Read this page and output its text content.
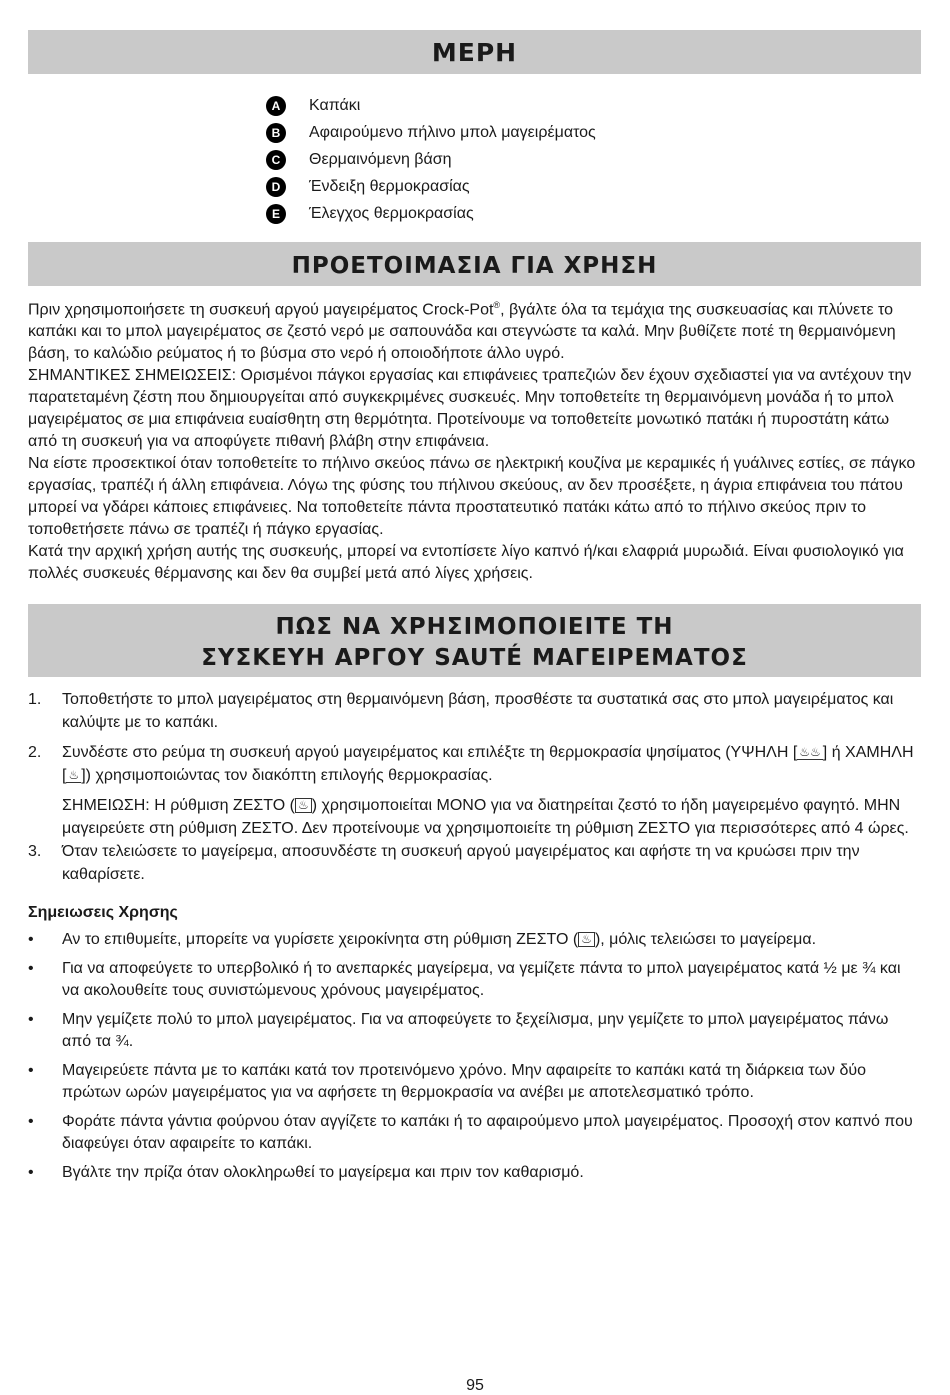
ΜΕΡΗ
A	Καπάκι
B	Αφαιρούμενο πήλινο μπολ μαγειρέματος
C	Θερμαινόμενη βάση
D	Ένδειξη θερμοκρασίας
E	Έλεγχος θερμοκρασίας
ΠΡΟΕΤΟΙΜΑΣΙΑ ΓΙΑ ΧΡΗΣΗ

Πριν χρησιμοποιήσετε τη συσκευή αργού μαγειρέματος Crock-Pot®, βγάλτε όλα τα τεμάχια της συσκευασίας και πλύνετε το καπάκι και το μπολ μαγειρέματος σε ζεστό νερό με σαπουνάδα και στεγνώστε τα καλά. Μην βυθίζετε ποτέ τη θερμαινόμενη βάση, το καλώδιο ρεύματος ή το βύσμα στο νερό ή οποιοδήποτε άλλο υγρό.

ΣΗΜΑΝΤΙΚΕΣ ΣΗΜΕΙΩΣΕΙΣ: Ορισμένοι πάγκοι εργασίας και επιφάνειες τραπεζιών δεν έχουν σχεδιαστεί για να αντέχουν την παρατεταμένη ζέστη που δημιουργείται από συγκεκριμένες συσκευές. Μην τοποθετείτε τη θερμαινόμενη μονάδα ή το μπολ μαγειρέματος σε μια επιφάνεια ευαίσθητη στη θερμότητα. Προτείνουμε να τοποθετείτε μονωτικό πατάκι ή πυροστάτη κάτω από τη συσκευή για να αποφύγετε πιθανή βλάβη στην επιφάνεια.

Να είστε προσεκτικοί όταν τοποθετείτε το πήλινο σκεύος πάνω σε ηλεκτρική κουζίνα με κεραμικές ή γυάλινες εστίες, σε πάγκο εργασίας, τραπέζι ή άλλη επιφάνεια. Λόγω της φύσης του πήλινου σκεύους, αν δεν προσέξετε, η άγρια επιφάνεια του πάτου μπορεί να γδάρει κάποιες επιφάνειες. Να τοποθετείτε πάντα προστατευτικό πατάκι κάτω από το πήλινο σκεύος πριν το τοποθετήσετε πάνω σε τραπέζι ή πάγκο εργασίας.

Κατά την αρχική χρήση αυτής της συσκευής, μπορεί να εντοπίσετε λίγο καπνό ή/και ελαφριά μυρωδιά. Είναι φυσιολογικό για πολλές συσκευές θέρμανσης και δεν θα συμβεί μετά από λίγες χρήσεις.

ΠΩΣ ΝΑ ΧΡΗΣΙΜΟΠΟΙΕΙΤΕ ΤΗ
ΣΥΣΚΕΥΗ ΑΡΓΟΥ SAUTÉ ΜΑΓΕΙΡΕΜΑΤΟΣ
1.	Τοποθετήστε το μπολ μαγειρέματος στη θερμαινόμενη βάση, προσθέστε τα συστατικά σας στο μπολ μαγειρέματος και καλύψτε με το καπάκι.
2.	Συνδέστε στο ρεύμα τη συσκευή αργού μαγειρέματος και επιλέξτε τη θερμοκρασία ψησίματος (ΥΨΗΛΗ [ ♨♨ ] ή ΧΑΜΗΛΗ [ ♨ ]) χρησιμοποιώντας τον διακόπτη επιλογής θερμοκρασίας.
ΣΗΜΕΙΩΣΗ: Η ρύθμιση ΖΕΣΤΟ ( ♨ ) χρησιμοποιείται ΜΟΝΟ για να διατηρείται ζεστό το ήδη μαγειρεμένο φαγητό. ΜΗΝ μαγειρεύετε στη ρύθμιση ΖΕΣΤΟ. Δεν προτείνουμε να χρησιμοποιείτε τη ρύθμιση ΖΕΣΤΟ για περισσότερες από 4 ώρες.
3.	Όταν τελειώσετε το μαγείρεμα, αποσυνδέστε τη συσκευή αργού μαγειρέματος και αφήστε τη να κρυώσει πριν την καθαρίσετε.
Σημειωσεις Χρησης
•	Αν το επιθυμείτε, μπορείτε να γυρίσετε χειροκίνητα στη ρύθμιση ΖΕΣΤΟ ( ♨ ), μόλις τελειώσει το μαγείρεμα.
•	Για να αποφεύγετε το υπερβολικό ή το ανεπαρκές μαγείρεμα, να γεμίζετε πάντα το μπολ μαγειρέματος κατά ½ με ¾ και να ακολουθείτε τους συνιστώμενους χρόνους μαγειρέματος.
•	Μην γεμίζετε πολύ το μπολ μαγειρέματος. Για να αποφεύγετε το ξεχείλισμα, μην γεμίζετε το μπολ μαγειρέματος πάνω από τα ¾.
•	Μαγειρεύετε πάντα με το καπάκι κατά τον προτεινόμενο χρόνο. Μην αφαιρείτε το καπάκι κατά τη διάρκεια των δύο πρώτων ωρών μαγειρέματος για να αφήσετε τη θερμοκρασία να ανέβει με αποτελεσματικό τρόπο.
•	Φοράτε πάντα γάντια φούρνου όταν αγγίζετε το καπάκι ή το αφαιρούμενο μπολ μαγειρέματος. Προσοχή στον καπνό που διαφεύγει όταν αφαιρείτε το καπάκι.
•	Βγάλτε την πρίζα όταν ολοκληρωθεί το μαγείρεμα και πριν τον καθαρισμό.
95
